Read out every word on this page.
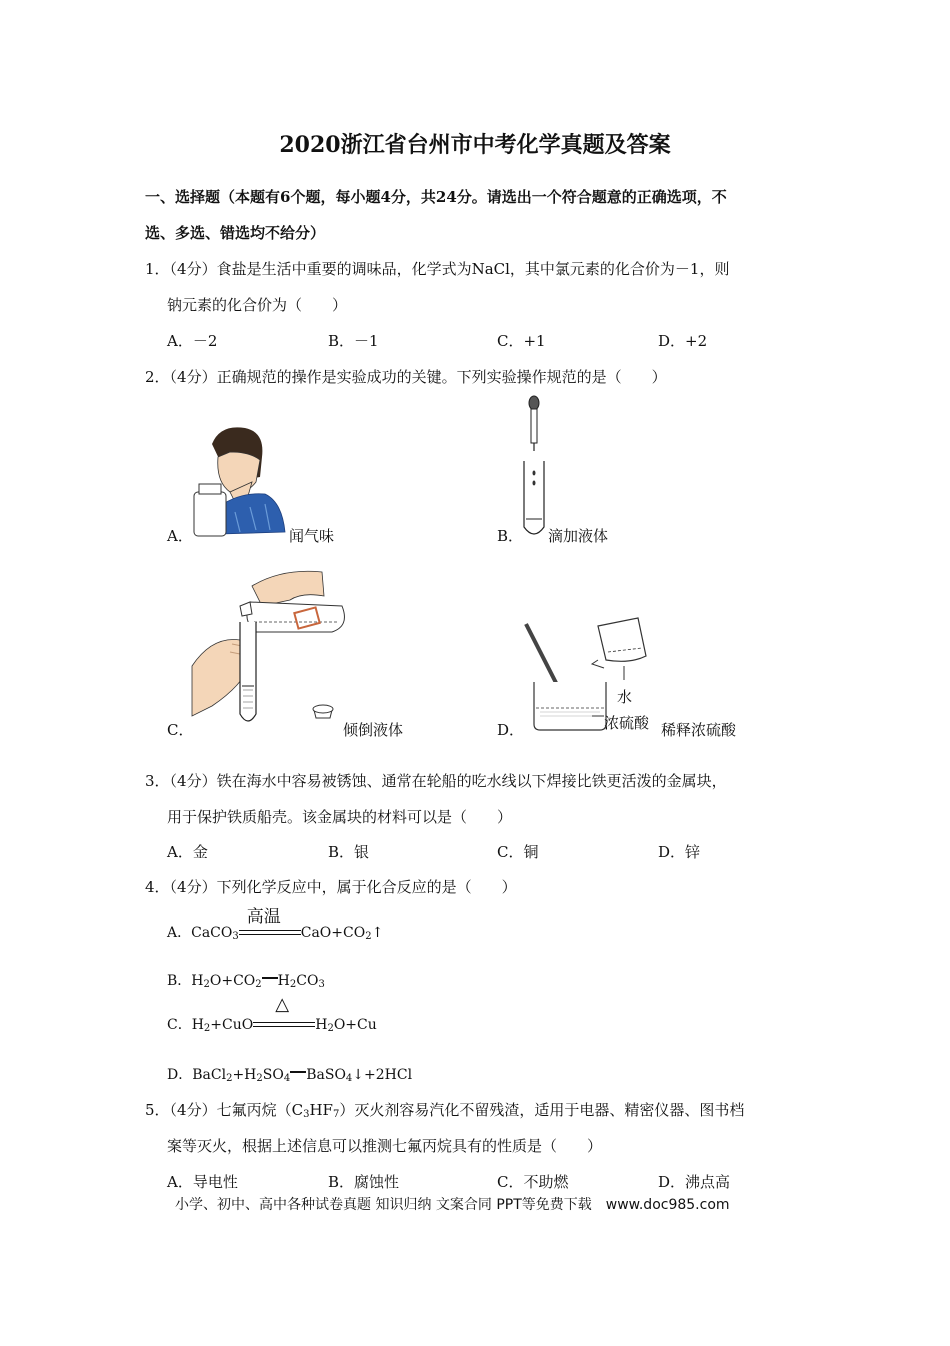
2020浙江省台州市中考化学真题及答案
一、选择题（本题有6个题，每小题4分，共24分。请选出一个符合题意的正确选项，不
选、多选、错选均不给分）
1．（4分）食盐是生活中重要的调味品，化学式为NaCl，其中氯元素的化合价为－1，则
钠元素的化合价为（　　）
A．－2	B．－1	C．+1	D．+2
2．（4分）正确规范的操作是实验成功的关键。下列实验操作规范的是（　　）
A．	闻气味	B． 滴加液体
C．	倾倒液体
水
浓硫酸
D．	稀释浓硫酸
3．（4分）铁在海水中容易被锈蚀、通常在轮船的吃水线以下焊接比铁更活泼的金属块，
用于保护铁质船壳。该金属块的材料可以是（　　）
A．金	B．银	C．铜	D．锌
4．（4分）下列化学反应中，属于化合反应的是（　　）
A．CaCO$_3$
高温
$CaO+CO_2↑$
B．$H_2O+CO_2$ $H_2CO_3$
C．$H_2+CuO$
△
$H_2O+Cu$
D．$BaCl_2+H_2SO_4$ BaSO$_4$↓+2HCl
5．（4分）七氟丙烷$(C_3HF_7)$灭火剂容易汽化不留残渣，适用于电器、精密仪器、图书档
案等灭火，根据上述信息可以推测七氟丙烷具有的性质是（　　）
A．导电性	B．腐蚀性	C．不助燃	D．沸点高
小学、初中、高中各种试卷真题 知识归纳 文案合同 PPT等免费下载　www.doc985.com
